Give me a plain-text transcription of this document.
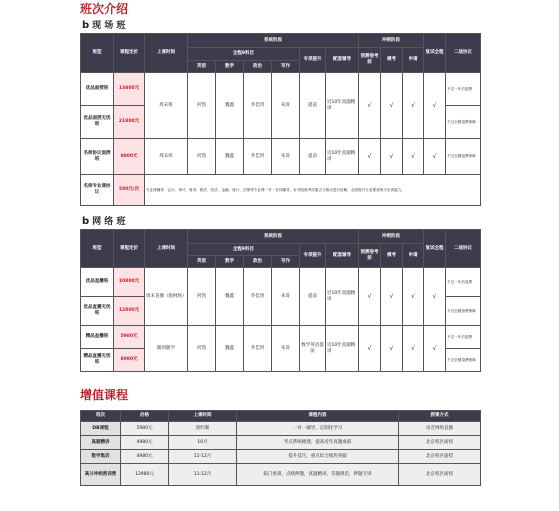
班次介绍
b 现 场 班
班型	课程定价	上课时间	系统阶段						冲刺阶段			复试全程	二战协议
			全程9科目				专项提升	配套辅导	预测卷考前	模考	申请		
			英语	数学	政治	写作							
优品面授班	13800元	周末班	何凯	魏鑫	乔佳玥	朱哥	提前	近10年真题精讲	√	√	√	√	不过一年后退费
优品面授无忧班	21800元												不过全额退费保障
名师协议面授班	9800元	周末班	何凯	魏鑫	乔佳玥	朱哥	提前	近10年真题精讲	√	√	√	√	不过全额退费保障
名师专业课协议	500元/次	专业课辅导：会计、审计、财务、税法、经济、金融、统计、法律等专业课一对一在线辅导，针对院校考试重点与难点进行讲解，全面提升专业课成绩与应试能力。											
b 网 络 班
班型	课程定价	上课时间	系统阶段						冲刺阶段			复试全程	二战协议
			全程9科目				专项提升	配套辅导	预测卷考前	模考	申请		
			英语	数学	政治	写作							
优品直播班	10800元	周末直播（限网络）	何凯	魏鑫	乔佳玥	朱哥	提前	近10年真题精讲	√	√	√	√	不过一年后退费
优品直播无忧班	12800元												不过全额退费保障
精品直播班	5980元	随到随学	何凯	魏鑫	乔佳玥	朱哥	数学英语提前	近10年真题精讲	√	√	√	√	不过一年后退费
精品直播无忧班	8980元												不过全额退费保障
增值课程
班次	价格	上课时间	课程内容	授课方式
DB课程	5980元	预约制	一对一辅导，定制化学习	语音网络直播
真题精讲	4980元	10月	考点系统梳理，提高近年真题成绩	北京校区面授
数学集训	4980元	11-12月	提升技巧，重点综合模块突破	北京校区面授
高分冲刺密训营	12980元	11-12月	临门密训，点睛押题，真题精讲，答题规范，押题专讲	北京校区面授
